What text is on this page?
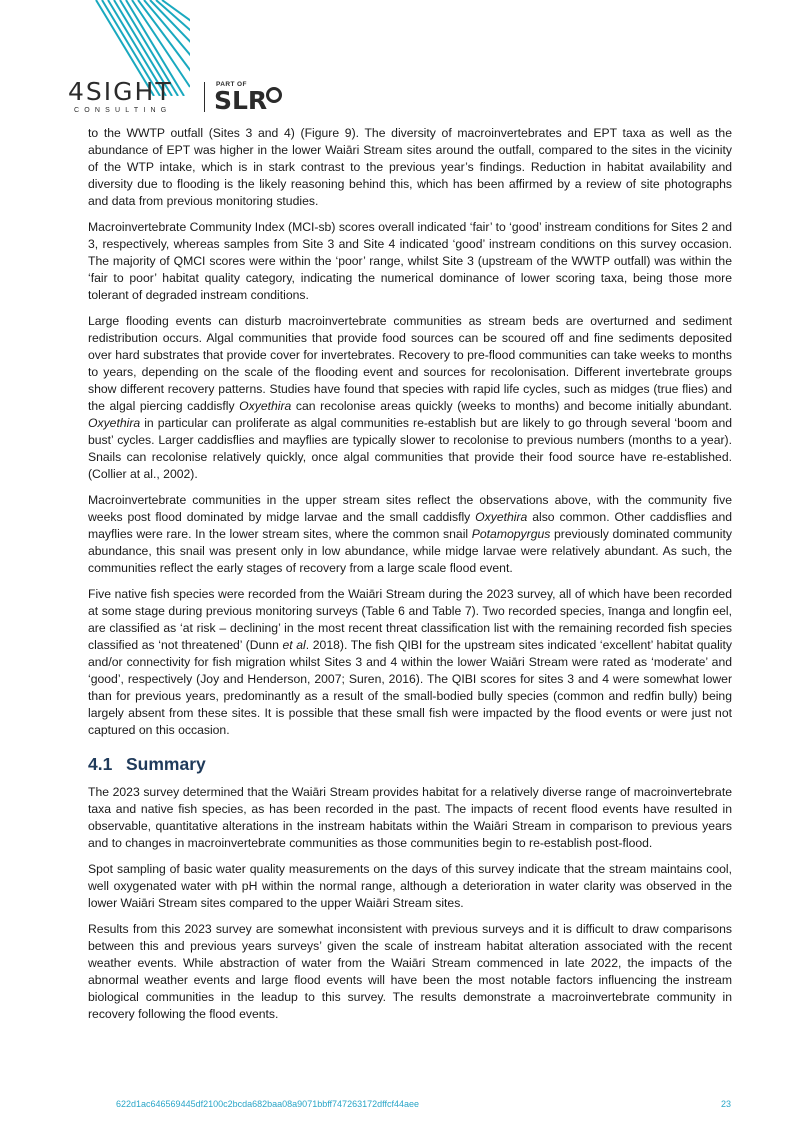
4SIGHT
CONSULTING
PART OF
SLR

to the WWTP outfall (Sites 3 and 4) (Figure 9). The diversity of macroinvertebrates and EPT taxa as well as the abundance of EPT was higher in the lower Waiāri Stream sites around the outfall, compared to the sites in the vicinity of the WTP intake, which is in stark contrast to the previous year’s findings. Reduction in habitat availability and diversity due to flooding is the likely reasoning behind this, which has been affirmed by a review of site photographs and data from previous monitoring studies.

Macroinvertebrate Community Index (MCI-sb) scores overall indicated ‘fair’ to ‘good’ instream conditions for Sites 2 and 3, respectively, whereas samples from Site 3 and Site 4 indicated ‘good’ instream conditions on this survey occasion. The majority of QMCI scores were within the ‘poor’ range, whilst Site 3 (upstream of the WWTP outfall) was within the ‘fair to poor’ habitat quality category, indicating the numerical dominance of lower scoring taxa, being those more tolerant of degraded instream conditions.

Large flooding events can disturb macroinvertebrate communities as stream beds are overturned and sediment redistribution occurs. Algal communities that provide food sources can be scoured off and fine sediments deposited over hard substrates that provide cover for invertebrates. Recovery to pre-flood communities can take weeks to months to years, depending on the scale of the flooding event and sources for recolonisation. Different invertebrate groups show different recovery patterns. Studies have found that species with rapid life cycles, such as midges (true flies) and the algal piercing caddisfly Oxyethira can recolonise areas quickly (weeks to months) and become initially abundant. Oxyethira in particular can proliferate as algal communities re-establish but are likely to go through several ‘boom and bust’ cycles. Larger caddisflies and mayflies are typically slower to recolonise to previous numbers (months to a year). Snails can recolonise relatively quickly, once algal communities that provide their food source have re-established. (Collier at al., 2002).

Macroinvertebrate communities in the upper stream sites reflect the observations above, with the community five weeks post flood dominated by midge larvae and the small caddisfly Oxyethira also common. Other caddisflies and mayflies were rare. In the lower stream sites, where the common snail Potamopyrgus previously dominated community abundance, this snail was present only in low abundance, while midge larvae were relatively abundant. As such, the communities reflect the early stages of recovery from a large scale flood event.

Five native fish species were recorded from the Waiāri Stream during the 2023 survey, all of which have been recorded at some stage during previous monitoring surveys (Table 6 and Table 7). Two recorded species, īnanga and longfin eel, are classified as ‘at risk – declining’ in the most recent threat classification list with the remaining recorded fish species classified as ‘not threatened’ (Dunn et al. 2018). The fish QIBI for the upstream sites indicated ‘excellent’ habitat quality and/or connectivity for fish migration whilst Sites 3 and 4 within the lower Waiāri Stream were rated as ‘moderate’ and ‘good’, respectively (Joy and Henderson, 2007; Suren, 2016). The QIBI scores for sites 3 and 4 were somewhat lower than for previous years, predominantly as a result of the small-bodied bully species (common and redfin bully) being largely absent from these sites. It is possible that these small fish were impacted by the flood events or were just not captured on this occasion.

4.1 Summary

The 2023 survey determined that the Waiāri Stream provides habitat for a relatively diverse range of macroinvertebrate taxa and native fish species, as has been recorded in the past. The impacts of recent flood events have resulted in observable, quantitative alterations in the instream habitats within the Waiāri Stream in comparison to previous years and to changes in macroinvertebrate communities as those communities begin to re-establish post-flood.

Spot sampling of basic water quality measurements on the days of this survey indicate that the stream maintains cool, well oxygenated water with pH within the normal range, although a deterioration in water clarity was observed in the lower Waiāri Stream sites compared to the upper Waiāri Stream sites.

Results from this 2023 survey are somewhat inconsistent with previous surveys and it is difficult to draw comparisons between this and previous years surveys’ given the scale of instream habitat alteration associated with the recent weather events. While abstraction of water from the Waiāri Stream commenced in late 2022, the impacts of the abnormal weather events and large flood events will have been the most notable factors influencing the instream biological communities in the leadup to this survey. The results demonstrate a macroinvertebrate community in recovery following the flood events.

622d1ac646569445df2100c2bcda682baa08a9071bbff747263172dffcf44aee	23
